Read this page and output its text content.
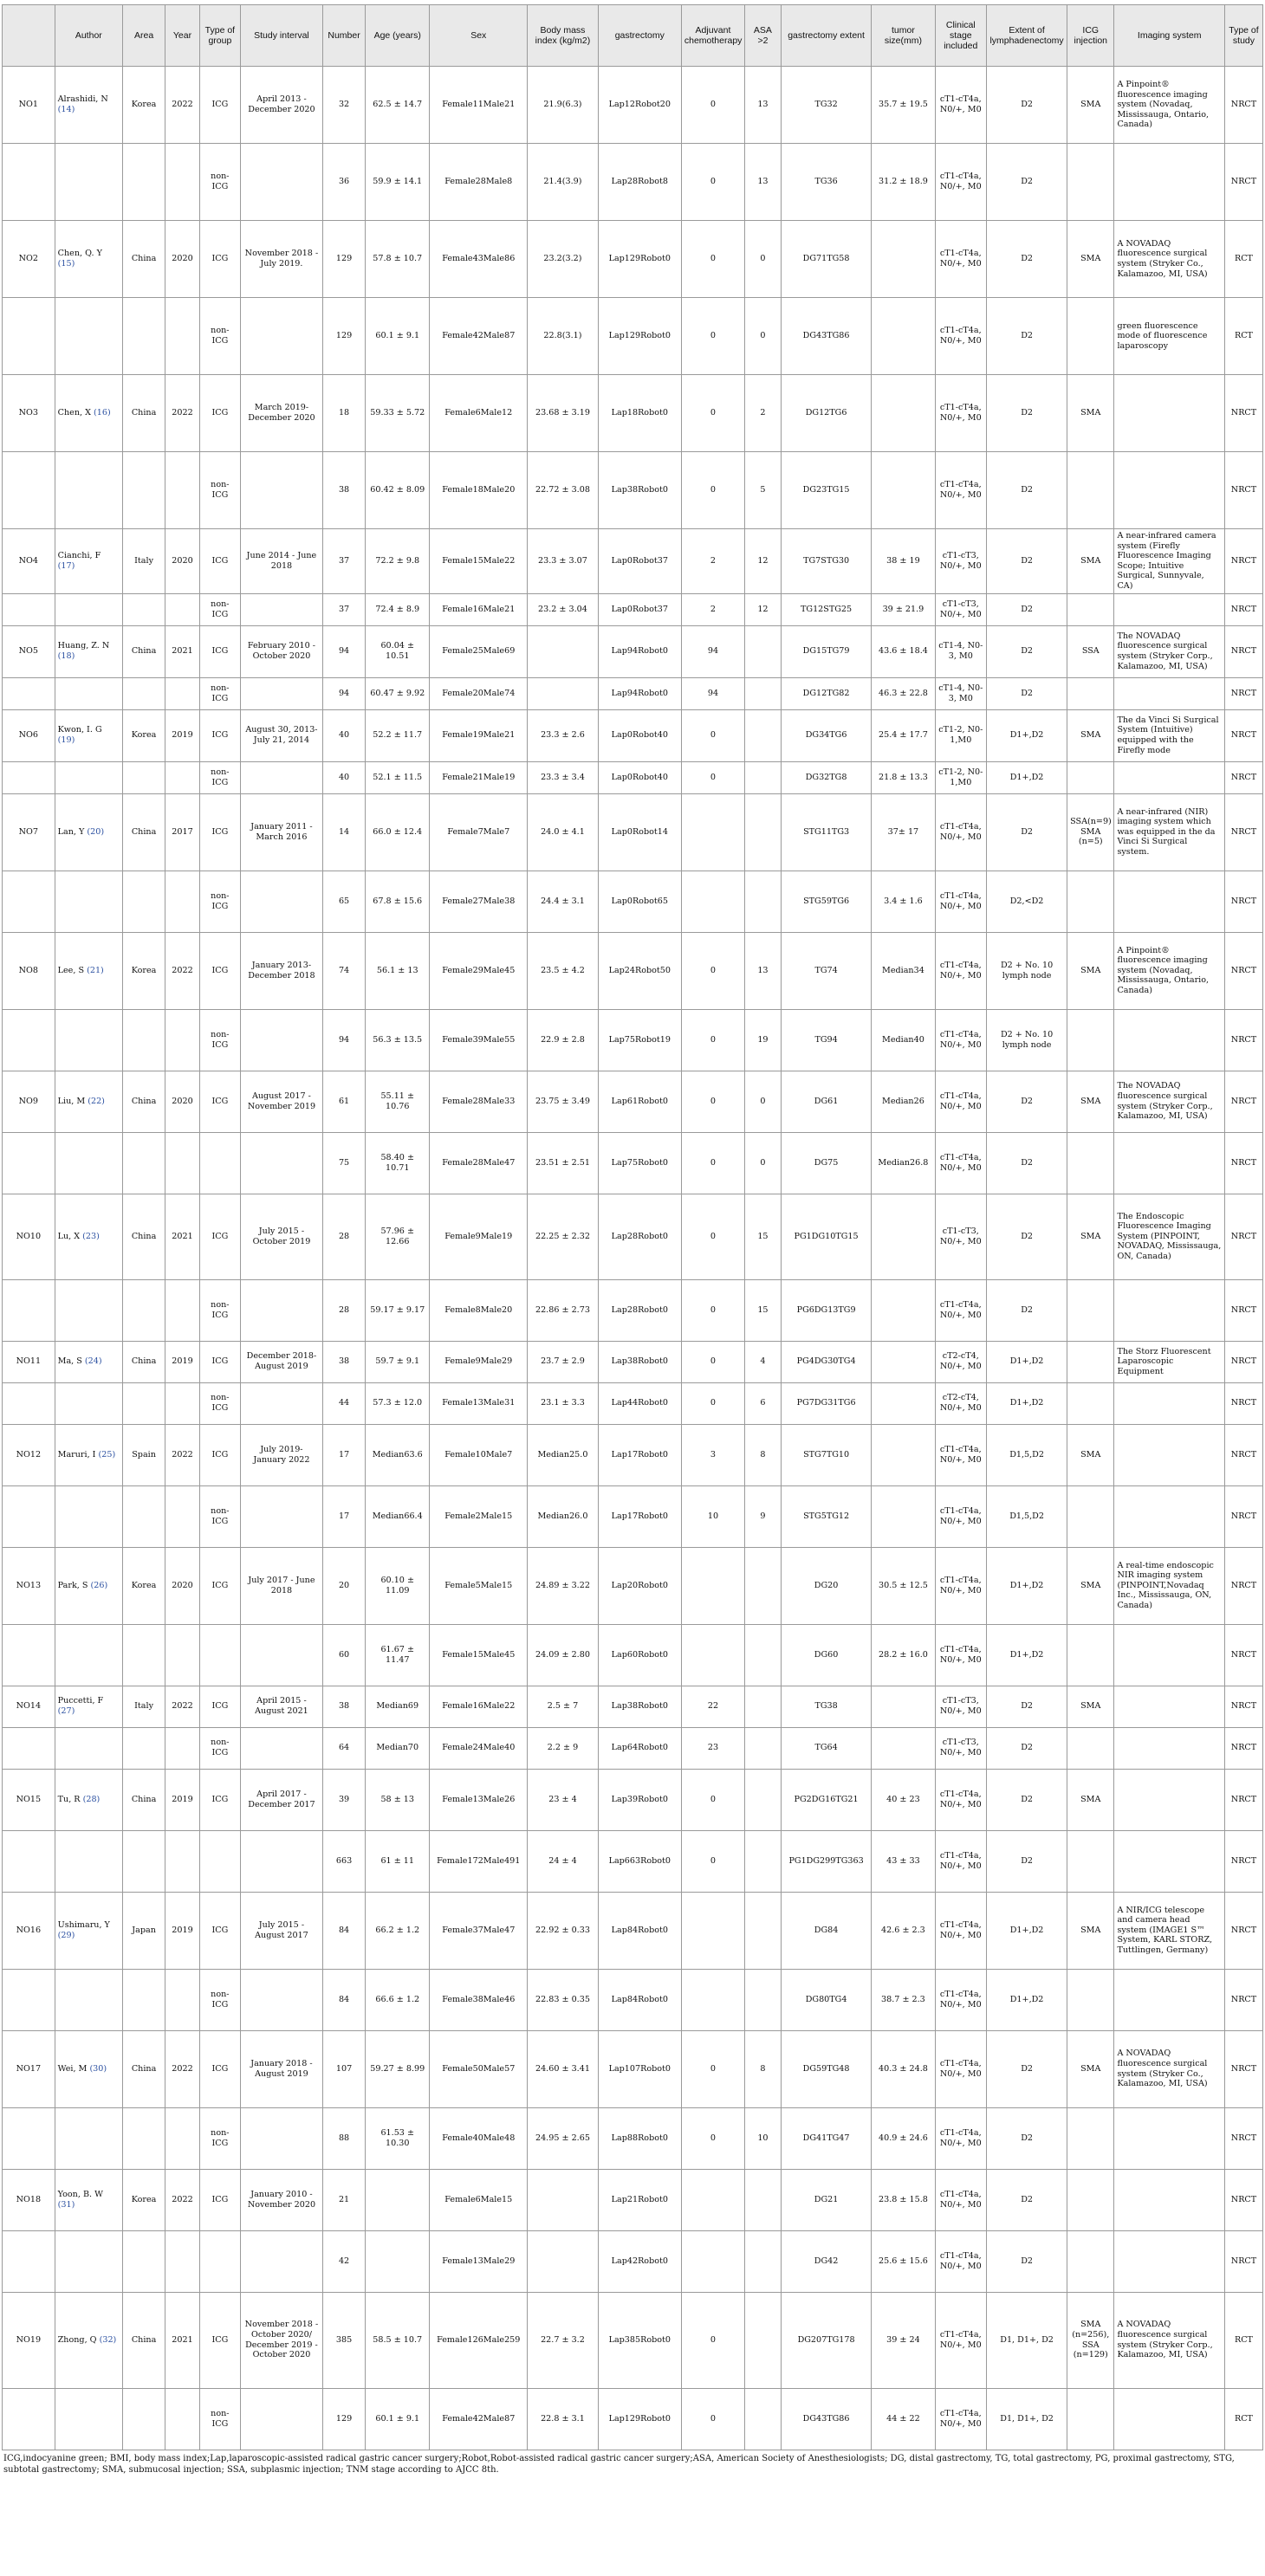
	Author	Area	Year	Type of group	Study interval	Number	Age (years)	Sex	Body mass index (kg/m2)	gastrectomy	Adjuvant chemotherapy	ASA >2	gastrectomy extent	tumor size(mm)	Clinical stage included	Extent of lymphadenectomy	ICG injection	Imaging system	Type of study
NO1	Alrashidi, N (14)	Korea	2022	ICG	April 2013 - December 2020	32	62.5 ± 14.7	Female11Male21	21.9(6.3)	Lap12Robot20	0	13	TG32	35.7 ± 19.5	cT1-cT4a, N0/+, M0	D2	SMA	A Pinpoint® fluorescence imaging system (Novadaq, Mississauga, Ontario, Canada)	NRCT
				non-ICG		36	59.9 ± 14.1	Female28Male8	21.4(3.9)	Lap28Robot8	0	13	TG36	31.2 ± 18.9	cT1-cT4a, N0/+, M0	D2			NRCT
NO2	Chen, Q. Y (15)	China	2020	ICG	November 2018 - July 2019.	129	57.8 ± 10.7	Female43Male86	23.2(3.2)	Lap129Robot0	0	0	DG71TG58		cT1-cT4a, N0/+, M0	D2	SMA	A NOVADAQ fluorescence surgical system (Stryker Co., Kalamazoo, MI, USA)	RCT
				non-ICG		129	60.1 ± 9.1	Female42Male87	22.8(3.1)	Lap129Robot0	0	0	DG43TG86		cT1-cT4a, N0/+, M0	D2		green fluorescence mode of fluorescence laparoscopy	RCT
NO3	Chen, X (16)	China	2022	ICG	March 2019- December 2020	18	59.33 ± 5.72	Female6Male12	23.68 ± 3.19	Lap18Robot0	0	2	DG12TG6		cT1-cT4a, N0/+, M0	D2	SMA		NRCT
				non-ICG		38	60.42 ± 8.09	Female18Male20	22.72 ± 3.08	Lap38Robot0	0	5	DG23TG15		cT1-cT4a, N0/+, M0	D2			NRCT
NO4	Cianchi, F (17)	Italy	2020	ICG	June 2014 - June 2018	37	72.2 ± 9.8	Female15Male22	23.3 ± 3.07	Lap0Robot37	2	12	TG7STG30	38 ± 19	cT1-cT3, N0/+, M0	D2	SMA	A near-infrared camera system (Firefly Fluorescence Imaging Scope; Intuitive Surgical, Sunnyvale, CA)	NRCT
				non-ICG		37	72.4 ± 8.9	Female16Male21	23.2 ± 3.04	Lap0Robot37	2	12	TG12STG25	39 ± 21.9	cT1-cT3, N0/+, M0	D2			NRCT
NO5	Huang, Z. N (18)	China	2021	ICG	February 2010 - October 2020	94	60.04 ± 10.51	Female25Male69		Lap94Robot0	94		DG15TG79	43.6 ± 18.4	cT1-4, N0-3, M0	D2	SSA	The NOVADAQ fluorescence surgical system (Stryker Corp., Kalamazoo, MI, USA)	NRCT
				non-ICG		94	60.47 ± 9.92	Female20Male74		Lap94Robot0	94		DG12TG82	46.3 ± 22.8	cT1-4, N0-3, M0	D2			NRCT
NO6	Kwon, I. G (19)	Korea	2019	ICG	August 30, 2013- July 21, 2014	40	52.2 ± 11.7	Female19Male21	23.3 ± 2.6	Lap0Robot40	0		DG34TG6	25.4 ± 17.7	cT1-2, N0-1,M0	D1+,D2	SMA	The da Vinci Si Surgical System (Intuitive) equipped with the Firefly mode	NRCT
				non-ICG		40	52.1 ± 11.5	Female21Male19	23.3 ± 3.4	Lap0Robot40	0		DG32TG8	21.8 ± 13.3	cT1-2, N0-1,M0	D1+,D2			NRCT
NO7	Lan, Y (20)	China	2017	ICG	January 2011 - March 2016	14	66.0 ± 12.4	Female7Male7	24.0 ± 4.1	Lap0Robot14			STG11TG3	37± 17	cT1-cT4a, N0/+, M0	D2	SSA(n=9) SMA (n=5)	A near-infrared (NIR) imaging system which was equipped in the da Vinci Si Surgical system.	NRCT
				non-ICG		65	67.8 ± 15.6	Female27Male38	24.4 ± 3.1	Lap0Robot65			STG59TG6	3.4 ± 1.6	cT1-cT4a, N0/+, M0	D2,<D2			NRCT
NO8	Lee, S (21)	Korea	2022	ICG	January 2013- December 2018	74	56.1 ± 13	Female29Male45	23.5 ± 4.2	Lap24Robot50	0	13	TG74	Median34	cT1-cT4a, N0/+, M0	D2 + No. 10 lymph node	SMA	A Pinpoint® fluorescence imaging system (Novadaq, Mississauga, Ontario, Canada)	NRCT
				non-ICG		94	56.3 ± 13.5	Female39Male55	22.9 ± 2.8	Lap75Robot19	0	19	TG94	Median40	cT1-cT4a, N0/+, M0	D2 + No. 10 lymph node			NRCT
NO9	Liu, M (22)	China	2020	ICG	August 2017 - November 2019	61	55.11 ± 10.76	Female28Male33	23.75 ± 3.49	Lap61Robot0	0	0	DG61	Median26	cT1-cT4a, N0/+, M0	D2	SMA	The NOVADAQ fluorescence surgical system (Stryker Corp., Kalamazoo, MI, USA)	NRCT
						75	58.40 ± 10.71	Female28Male47	23.51 ± 2.51	Lap75Robot0	0	0	DG75	Median26.8	cT1-cT4a, N0/+, M0	D2			NRCT
NO10	Lu, X (23)	China	2021	ICG	July 2015 - October 2019	28	57.96 ± 12.66	Female9Male19	22.25 ± 2.32	Lap28Robot0	0	15	PG1DG10TG15		cT1-cT3, N0/+, M0	D2	SMA	The Endoscopic Fluorescence Imaging System (PINPOINT, NOVADAQ, Mississauga, ON, Canada)	NRCT
				non-ICG		28	59.17 ± 9.17	Female8Male20	22.86 ± 2.73	Lap28Robot0	0	15	PG6DG13TG9		cT1-cT4a, N0/+, M0	D2			NRCT
NO11	Ma, S (24)	China	2019	ICG	December 2018-August 2019	38	59.7 ± 9.1	Female9Male29	23.7 ± 2.9	Lap38Robot0	0	4	PG4DG30TG4		cT2-cT4, N0/+, M0	D1+,D2		The Storz Fluorescent Laparoscopic Equipment	NRCT
				non-ICG		44	57.3 ± 12.0	Female13Male31	23.1 ± 3.3	Lap44Robot0	0	6	PG7DG31TG6		cT2-cT4, N0/+, M0	D1+,D2			NRCT
NO12	Maruri, I (25)	Spain	2022	ICG	July 2019- January 2022	17	Median63.6	Female10Male7	Median25.0	Lap17Robot0	3	8	STG7TG10		cT1-cT4a, N0/+, M0	D1,5,D2	SMA		NRCT
				non-ICG		17	Median66.4	Female2Male15	Median26.0	Lap17Robot0	10	9	STG5TG12		cT1-cT4a, N0/+, M0	D1,5,D2			NRCT
NO13	Park, S (26)	Korea	2020	ICG	July 2017 - June 2018	20	60.10 ± 11.09	Female5Male15	24.89 ± 3.22	Lap20Robot0			DG20	30.5 ± 12.5	cT1-cT4a, N0/+, M0	D1+,D2	SMA	A real-time endoscopic NIR imaging system (PINPOINT,Novadaq Inc., Mississauga, ON, Canada)	NRCT
						60	61.67 ± 11.47	Female15Male45	24.09 ± 2.80	Lap60Robot0			DG60	28.2 ± 16.0	cT1-cT4a, N0/+, M0	D1+,D2			NRCT
NO14	Puccetti, F (27)	Italy	2022	ICG	April 2015 - August 2021	38	Median69	Female16Male22	2.5 ± 7	Lap38Robot0	22		TG38		cT1-cT3, N0/+, M0	D2	SMA		NRCT
				non-ICG		64	Median70	Female24Male40	2.2 ± 9	Lap64Robot0	23		TG64		cT1-cT3, N0/+, M0	D2			NRCT
NO15	Tu, R (28)	China	2019	ICG	April 2017 - December 2017	39	58 ± 13	Female13Male26	23 ± 4	Lap39Robot0	0		PG2DG16TG21	40 ± 23	cT1-cT4a, N0/+, M0	D2	SMA		NRCT
						663	61 ± 11	Female172Male491	24 ± 4	Lap663Robot0	0		PG1DG299TG363	43 ± 33	cT1-cT4a, N0/+, M0	D2			NRCT
NO16	Ushimaru, Y (29)	Japan	2019	ICG	July 2015 - August 2017	84	66.2 ± 1.2	Female37Male47	22.92 ± 0.33	Lap84Robot0			DG84	42.6 ± 2.3	cT1-cT4a, N0/+, M0	D1+,D2	SMA	A NIR/ICG telescope and camera head system (IMAGE1 S™ System, KARL STORZ, Tuttlingen, Germany)	NRCT
				non-ICG		84	66.6 ± 1.2	Female38Male46	22.83 ± 0.35	Lap84Robot0			DG80TG4	38.7 ± 2.3	cT1-cT4a, N0/+, M0	D1+,D2			NRCT
NO17	Wei, M (30)	China	2022	ICG	January 2018 - August 2019	107	59.27 ± 8.99	Female50Male57	24.60 ± 3.41	Lap107Robot0	0	8	DG59TG48	40.3 ± 24.8	cT1-cT4a, N0/+, M0	D2	SMA	A NOVADAQ fluorescence surgical system (Stryker Co., Kalamazoo, MI, USA)	NRCT
				non-ICG		88	61.53 ± 10.30	Female40Male48	24.95 ± 2.65	Lap88Robot0	0	10	DG41TG47	40.9 ± 24.6	cT1-cT4a, N0/+, M0	D2			NRCT
NO18	Yoon, B. W (31)	Korea	2022	ICG	January 2010 - November 2020	21		Female6Male15		Lap21Robot0			DG21	23.8 ± 15.8	cT1-cT4a, N0/+, M0	D2			NRCT
						42		Female13Male29		Lap42Robot0			DG42	25.6 ± 15.6	cT1-cT4a, N0/+, M0	D2			NRCT
NO19	Zhong, Q (32)	China	2021	ICG	November 2018 - October 2020/ December 2019 - October 2020	385	58.5 ± 10.7	Female126Male259	22.7 ± 3.2	Lap385Robot0	0		DG207TG178	39 ± 24	cT1-cT4a, N0/+, M0	D1, D1+, D2	SMA (n=256), SSA (n=129)	A NOVADAQ fluorescence surgical system (Stryker Corp., Kalamazoo, MI, USA)	RCT
				non-ICG		129	60.1 ± 9.1	Female42Male87	22.8 ± 3.1	Lap129Robot0	0		DG43TG86	44 ± 22	cT1-cT4a, N0/+, M0	D1, D1+, D2			RCT
ICG,indocyanine green; BMI, body mass index;Lap,laparoscopic-assisted radical gastric cancer surgery;Robot,Robot-assisted radical gastric cancer surgery;ASA, American Society of Anesthesiologists; DG, distal gastrectomy, TG, total gastrectomy, PG, proximal gastrectomy, STG, subtotal gastrectomy; SMA, submucosal injection; SSA, subplasmic injection; TNM stage according to AJCC 8th.
